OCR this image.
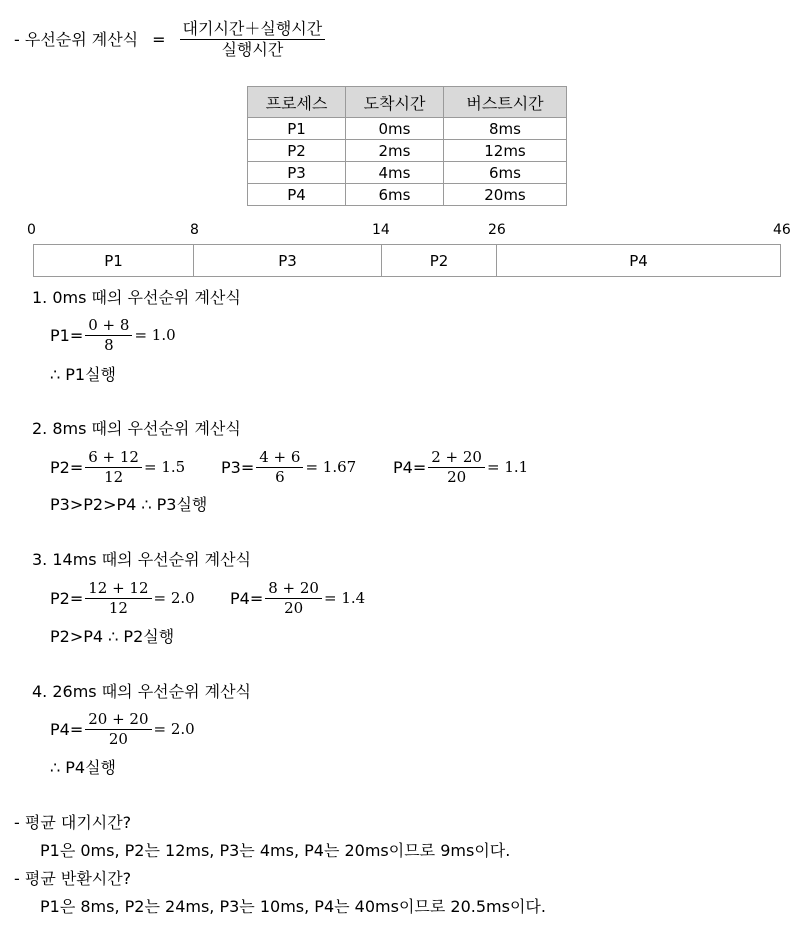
- 우선순위 계산식 = $\frac{\text{대기시간＋실행시간}}{\text{실행시간}}$
프로세스	도착시간	버스트시간
P1	0ms	8ms
P2	2ms	12ms
P3	4ms	6ms
P4	6ms	20ms
0	8	14	26	46
P1	P3	P2	P4
1. 0ms 때의 우선순위 계산식
$P1= \frac{0 + 8}{8} = 1.0$
∴ P1실행
2. 8ms 때의 우선순위 계산식
$P2= \frac{6 + 12}{12} = 1.5$ $P3= \frac{4 + 6}{6} = 1.67$ $P4= \frac{2 + 20}{20} = 1.1$
P3>P2>P4 ∴ P3실행
3. 14ms 때의 우선순위 계산식
$P2= \frac{12 + 12}{12} = 2.0$ $P4= \frac{8 + 20}{20} = 1.4$
P2>P4 ∴ P2실행
4. 26ms 때의 우선순위 계산식
$P4= \frac{20 + 20}{20} = 2.0$
∴ P4실행
- 평균 대기시간?
P1은 0ms, P2는 12ms, P3는 4ms, P4는 20ms이므로 9ms이다.
- 평균 반환시간?
P1은 8ms, P2는 24ms, P3는 10ms, P4는 40ms이므로 20.5ms이다.
